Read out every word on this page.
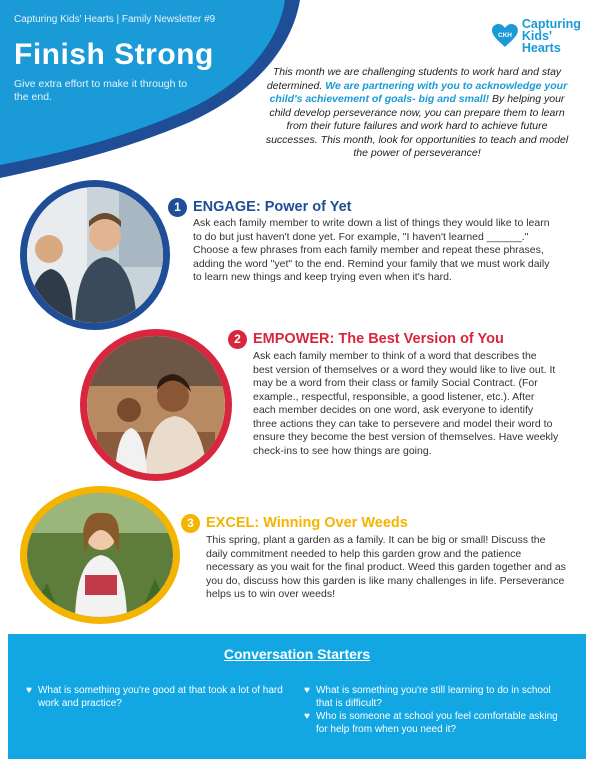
Capturing Kids' Hearts | Family Newsletter #9
Finish Strong
Give extra effort to make it through to the end.
CKH
Capturing
Kids' Hearts
This month we are challenging students to work hard and stay determined. We are partnering with you to acknowledge your child's achievement of goals- big and small! By helping your child develop perseverance now, you can prepare them to learn from their future failures and work hard to achieve future successes. This month, look for opportunities to teach and model the power of perseverance!
1 ENGAGE: Power of Yet
Ask each family member to write down a list of things they would like to learn to do but just haven't done yet. For example, "I haven't learned ______." Choose a few phrases from each family member and repeat these phrases, adding the word "yet" to the end. Remind your family that we must work daily to learn new things and keep trying even when it's hard.
2 EMPOWER: The Best Version of You
Ask each family member to think of a word that describes the best version of themselves or a word they would like to live out. It may be a word from their class or family Social Contract. (For example., respectful, responsible, a good listener, etc.). After each member decides on one word, ask everyone to identify three actions they can take to persevere and model their word to ensure they become the best version of themselves. Have weekly check-ins to see how things are going.
3 EXCEL: Winning Over Weeds
This spring, plant a garden as a family. It can be big or small! Discuss the daily commitment needed to help this garden grow and the patience necessary as you wait for the final product. Weed this garden together and as you do, discuss how this garden is like many challenges in life. Perseverance helps us to win over weeds!
Conversation Starters
♥ What is something you're good at that took a lot of hard work and practice?
♥ What is something you're still learning to do in school that is difficult?
♥ Who is someone at school you feel comfortable asking for help from when you need it?
